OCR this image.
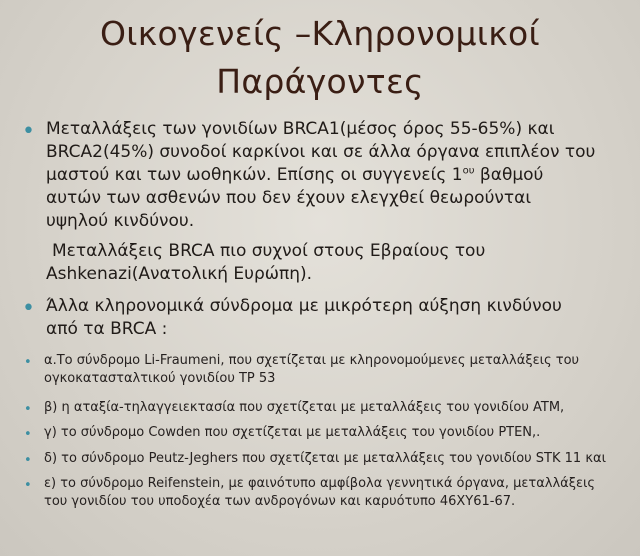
Οικογενείς –Κληρονομικοί
Παράγοντες
• Μεταλλάξεις των γονιδίων BRCA1(μέσος όρος 55-65%) και
BRCA2(45%) συνοδοί καρκίνοι και σε άλλα όργανα επιπλέον του
μαστού και των ωοθηκών. Επίσης οι συγγενείς $1^{o\upsilon}$ βαθμού
αυτών των ασθενών που δεν έχουν ελεγχθεί θεωρούνται
υψηλού κινδύνου.
Μεταλλάξεις BRCA πιο συχνοί στους Εβραίους του
Ashkenazi(Ανατολική Ευρώπη).
• Άλλα κληρονομικά σύνδρομα με μικρότερη αύξηση κινδύνου
από τα BRCA :
• α.Το σύνδρομο Li-Fraumeni, που σχετίζεται με κληρονομούμενες μεταλλάξεις του
ογκοκατασταλτικού γονιδίου TP 53
• β) η αταξία-τηλαγγειεκτασία που σχετίζεται με μεταλλάξεις του γονιδίου ATM,
• γ) το σύνδρομο Cowden που σχετίζεται με μεταλλάξεις του γονιδίου PTEN,.
• δ) το σύνδρομο Peutz-Jeghers που σχετίζεται με μεταλλάξεις του γονιδίου STK 11 και
• ε) το σύνδρομο Reifenstein, με φαινότυπο αμφίβολα γεννητικά όργανα, μεταλλάξεις
του γονιδίου του υποδοχέα των ανδρογόνων και καρυότυπο 46XY61-67.
